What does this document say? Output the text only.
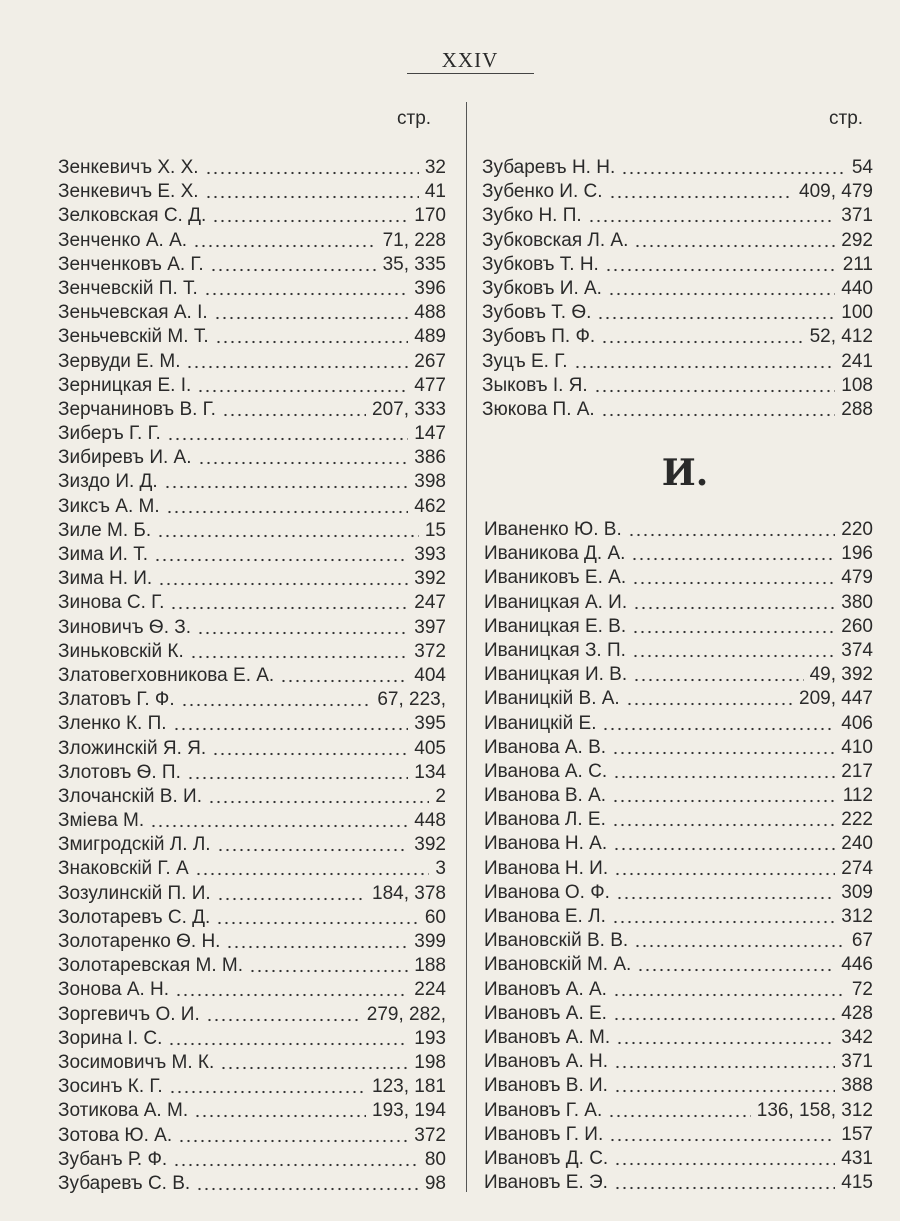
XXIV
стр.	стр.
Зенкевичъ Х. Х.	32
Зенкевичъ Е. Х.	41
Зелковская С. Д.	170
Зенченко А. А.	71, 228
Зенченковъ А. Г.	35, 335
Зенчевскій П. Т.	396
Зеньчевская А. І.	488
Зеньчевскій М. Т.	489
Зервуди Е. М.	267
Зерницкая Е. І.	477
Зерчаниновъ В. Г.	207, 333
Зиберъ Г. Г.	147
Зибиревъ И. А.	386
Зиздо И. Д.	398
Зиксъ А. М.	462
Зиле М. Б.	15
Зима И. Т.	393
Зима Н. И.	392
Зинова С. Г.	247
Зиновичъ Ѳ. З.	397
Зиньковскій К.	372
Златовегховникова Е. А.	404
Златовъ Г. Ф.	67, 223,
Зленко К. П.	395
Зложинскій Я. Я.	405
Злотовъ Ѳ. П.	134
Злочанскій В. И.	2
Зміева М.	448
Змигродскій Л. Л.	392
Знаковскій Г. А	3
Зозулинскій П. И.	184, 378
Золотаревъ С. Д.	60
Золотаренко Ѳ. Н.	399
Золотаревская М. М.	188
Зонова А. Н.	224
Зоргевичъ О. И.	279, 282,
Зорина І. С.	193
Зосимовичъ М. К.	198
Зосинъ К. Г.	123, 181
Зотикова А. М.	193, 194
Зотова Ю. А.	372
Зубанъ Р. Ф.	80
Зубаревъ С. В.	98
Зубаревъ Н. Н.	54
Зубенко И. С.	409, 479
Зубко Н. П.	371
Зубковская Л. А.	292
Зубковъ Т. Н.	211
Зубковъ И. А.	440
Зубовъ Т. Ѳ.	100
Зубовъ П. Ф.	52, 412
Зуцъ Е. Г.	241
Зыковъ І. Я.	108
Зюкова П. А.	288
И.
Иваненко Ю. В.	220
Иваникова Д. А.	196
Иваниковъ Е. А.	479
Иваницкая А. И.	380
Иваницкая Е. В.	260
Иваницкая З. П.	374
Иваницкая И. В.	49, 392
Иваницкій В. А.	209, 447
Иваницкій Е.	406
Иванова А. В.	410
Иванова А. С.	217
Иванова В. А.	112
Иванова Л. Е.	222
Иванова Н. А.	240
Иванова Н. И.	274
Иванова О. Ф.	309
Иванова Е. Л.	312
Ивановскій В. В.	67
Ивановскій М. А.	446
Ивановъ А. А.	72
Ивановъ А. Е.	428
Ивановъ А. М.	342
Ивановъ А. Н.	371
Ивановъ В. И.	388
Ивановъ Г. А.	136, 158, 312
Ивановъ Г. И.	157
Ивановъ Д. С.	431
Ивановъ Е. Э.	415
